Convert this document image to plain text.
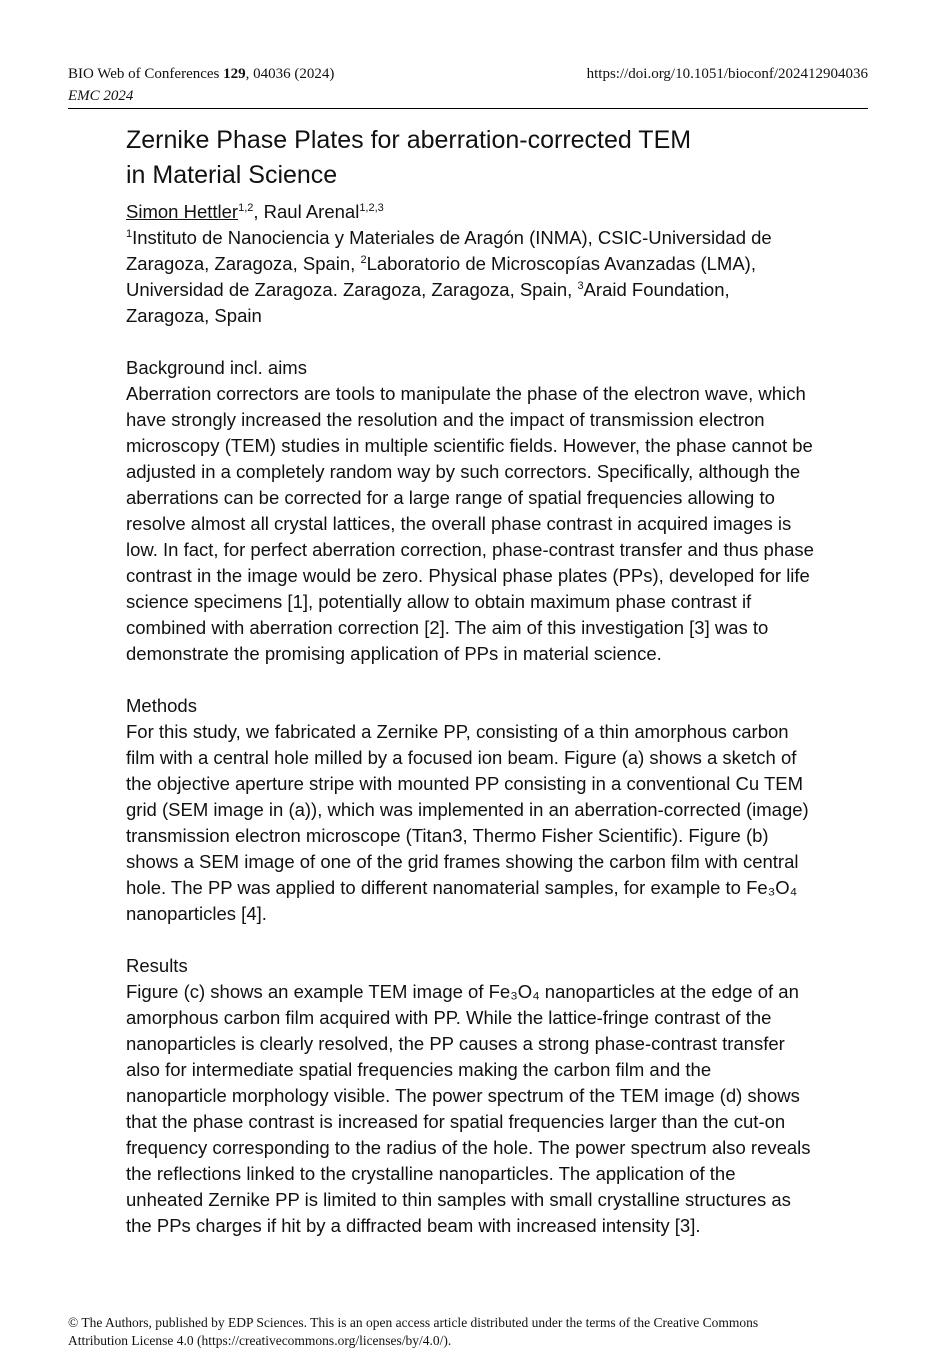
BIO Web of Conferences 129, 04036 (2024)	https://doi.org/10.1051/bioconf/202412904036
EMC 2024
Zernike Phase Plates for aberration-corrected TEM
in Material Science
Simon Hettler$^{1,2}$, Raul Arenal$^{1,2,3}$
$^1$Instituto de Nanociencia y Materiales de Aragón (INMA), CSIC-Universidad de Zaragoza, Zaragoza, Spain, $^2$Laboratorio de Microscopías Avanzadas (LMA), Universidad de Zaragoza. Zaragoza, Zaragoza, Spain, $^3$Araid Foundation, Zaragoza, Spain
Background incl. aims
Aberration correctors are tools to manipulate the phase of the electron wave, which have strongly increased the resolution and the impact of transmission electron microscopy (TEM) studies in multiple scientific fields. However, the phase cannot be adjusted in a completely random way by such correctors. Specifically, although the aberrations can be corrected for a large range of spatial frequencies allowing to resolve almost all crystal lattices, the overall phase contrast in acquired images is low. In fact, for perfect aberration correction, phase-contrast transfer and thus phase contrast in the image would be zero. Physical phase plates (PPs), developed for life science specimens [1], potentially allow to obtain maximum phase contrast if combined with aberration correction [2]. The aim of this investigation [3] was to demonstrate the promising application of PPs in material science.
Methods
For this study, we fabricated a Zernike PP, consisting of a thin amorphous carbon film with a central hole milled by a focused ion beam. Figure (a) shows a sketch of the objective aperture stripe with mounted PP consisting in a conventional Cu TEM grid (SEM image in (a)), which was implemented in an aberration-corrected (image) transmission electron microscope (Titan3, Thermo Fisher Scientific). Figure (b) shows a SEM image of one of the grid frames showing the carbon film with central hole. The PP was applied to different nanomaterial samples, for example to Fe₃O₄ nanoparticles [4].
Results
Figure (c) shows an example TEM image of Fe₃O₄ nanoparticles at the edge of an amorphous carbon film acquired with PP. While the lattice-fringe contrast of the nanoparticles is clearly resolved, the PP causes a strong phase-contrast transfer also for intermediate spatial frequencies making the carbon film and the nanoparticle morphology visible. The power spectrum of the TEM image (d) shows that the phase contrast is increased for spatial frequencies larger than the cut-on frequency corresponding to the radius of the hole. The power spectrum also reveals the reflections linked to the crystalline nanoparticles. The application of the unheated Zernike PP is limited to thin samples with small crystalline structures as the PPs charges if hit by a diffracted beam with increased intensity [3].
© The Authors, published by EDP Sciences. This is an open access article distributed under the terms of the Creative Commons
Attribution License 4.0 (https://creativecommons.org/licenses/by/4.0/).
